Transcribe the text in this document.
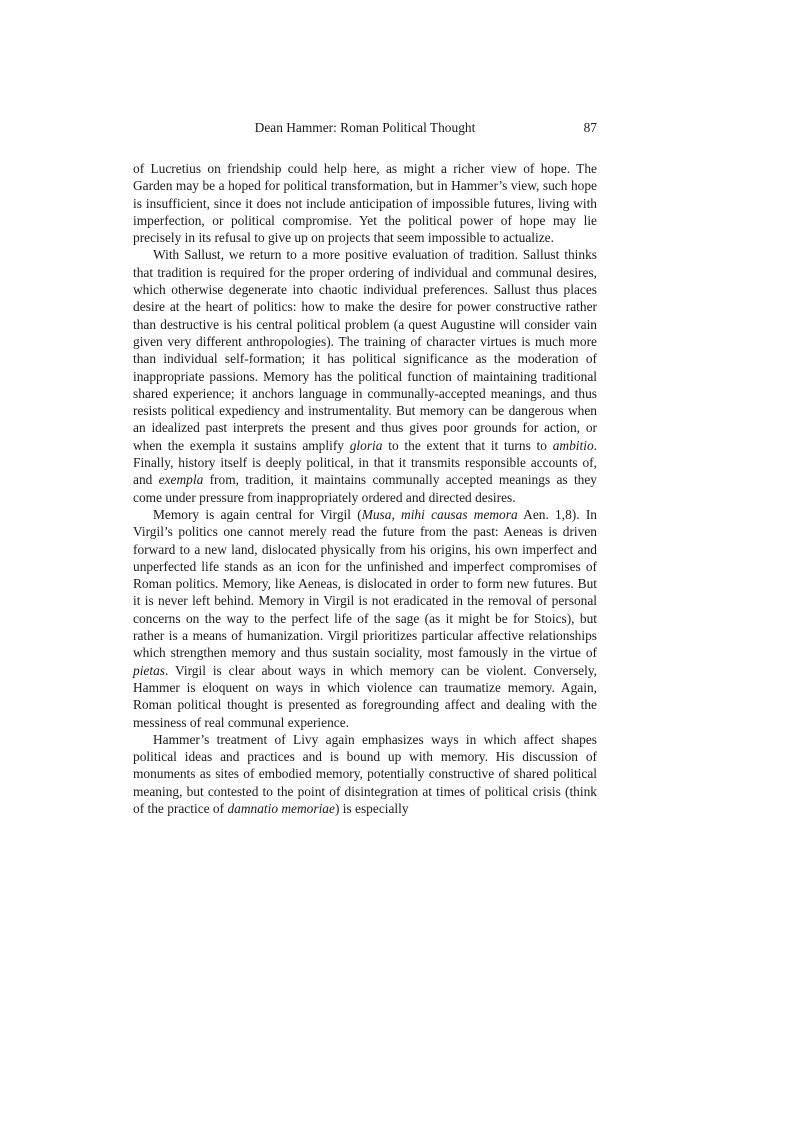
Dean Hammer: Roman Political Thought	87

of Lucretius on friendship could help here, as might a richer view of hope. The Garden may be a hoped for political transformation, but in Hammer’s view, such hope is insufficient, since it does not include anticipation of impossible futures, living with imperfection, or political compromise. Yet the political power of hope may lie precisely in its refusal to give up on projects that seem impossible to actualize.

With Sallust, we return to a more positive evaluation of tradition. Sallust thinks that tradition is required for the proper ordering of individual and communal desires, which otherwise degenerate into chaotic individual preferences. Sallust thus places desire at the heart of politics: how to make the desire for power constructive rather than destructive is his central political problem (a quest Augustine will consider vain given very different anthropologies). The training of character virtues is much more than individual self-formation; it has political significance as the moderation of inappropriate passions. Memory has the political function of maintaining traditional shared experience; it anchors language in communally-accepted meanings, and thus resists political expediency and instrumentality. But memory can be dangerous when an idealized past interprets the present and thus gives poor grounds for action, or when the exempla it sustains amplify gloria to the extent that it turns to ambitio. Finally, history itself is deeply political, in that it transmits responsible accounts of, and exempla from, tradition, it maintains communally accepted meanings as they come under pressure from inappropriately ordered and directed desires.

Memory is again central for Virgil (Musa, mihi causas memora Aen. 1,8). In Virgil’s politics one cannot merely read the future from the past: Aeneas is driven forward to a new land, dislocated physically from his origins, his own imperfect and unperfected life stands as an icon for the unfinished and imperfect compromises of Roman politics. Memory, like Aeneas, is dislocated in order to form new futures. But it is never left behind. Memory in Virgil is not eradicated in the removal of personal concerns on the way to the perfect life of the sage (as it might be for Stoics), but rather is a means of humanization. Virgil prioritizes particular affective relationships which strengthen memory and thus sustain sociality, most famously in the virtue of pietas. Virgil is clear about ways in which memory can be violent. Conversely, Hammer is eloquent on ways in which violence can traumatize memory. Again, Roman political thought is presented as foregrounding affect and dealing with the messiness of real communal experience.

Hammer’s treatment of Livy again emphasizes ways in which affect shapes political ideas and practices and is bound up with memory. His discussion of monuments as sites of embodied memory, potentially constructive of shared political meaning, but contested to the point of disintegration at times of political crisis (think of the practice of damnatio memoriae) is especially
